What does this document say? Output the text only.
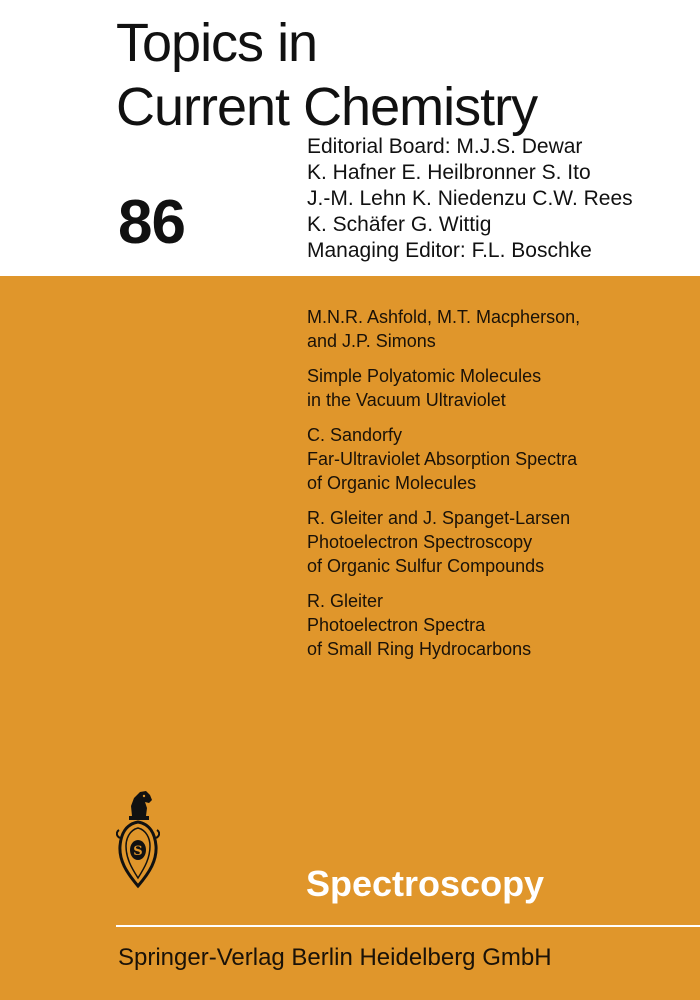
Topics in
Current Chemistry
86
Editorial Board: M.J.S. Dewar
K. Hafner E. Heilbronner S. Ito
J.-M. Lehn K. Niedenzu C.W. Rees
K. Schäfer G. Wittig
Managing Editor: F.L. Boschke
M.N.R. Ashfold, M.T. Macpherson,
and J.P. Simons
Simple Polyatomic Molecules
in the Vacuum Ultraviolet
C. Sandorfy
Far-Ultraviolet Absorption Spectra
of Organic Molecules
R. Gleiter and J. Spanget-Larsen
Photoelectron Spectroscopy
of Organic Sulfur Compounds
R. Gleiter
Photoelectron Spectra
of Small Ring Hydrocarbons
S
Spectroscopy
Springer-Verlag Berlin Heidelberg GmbH
